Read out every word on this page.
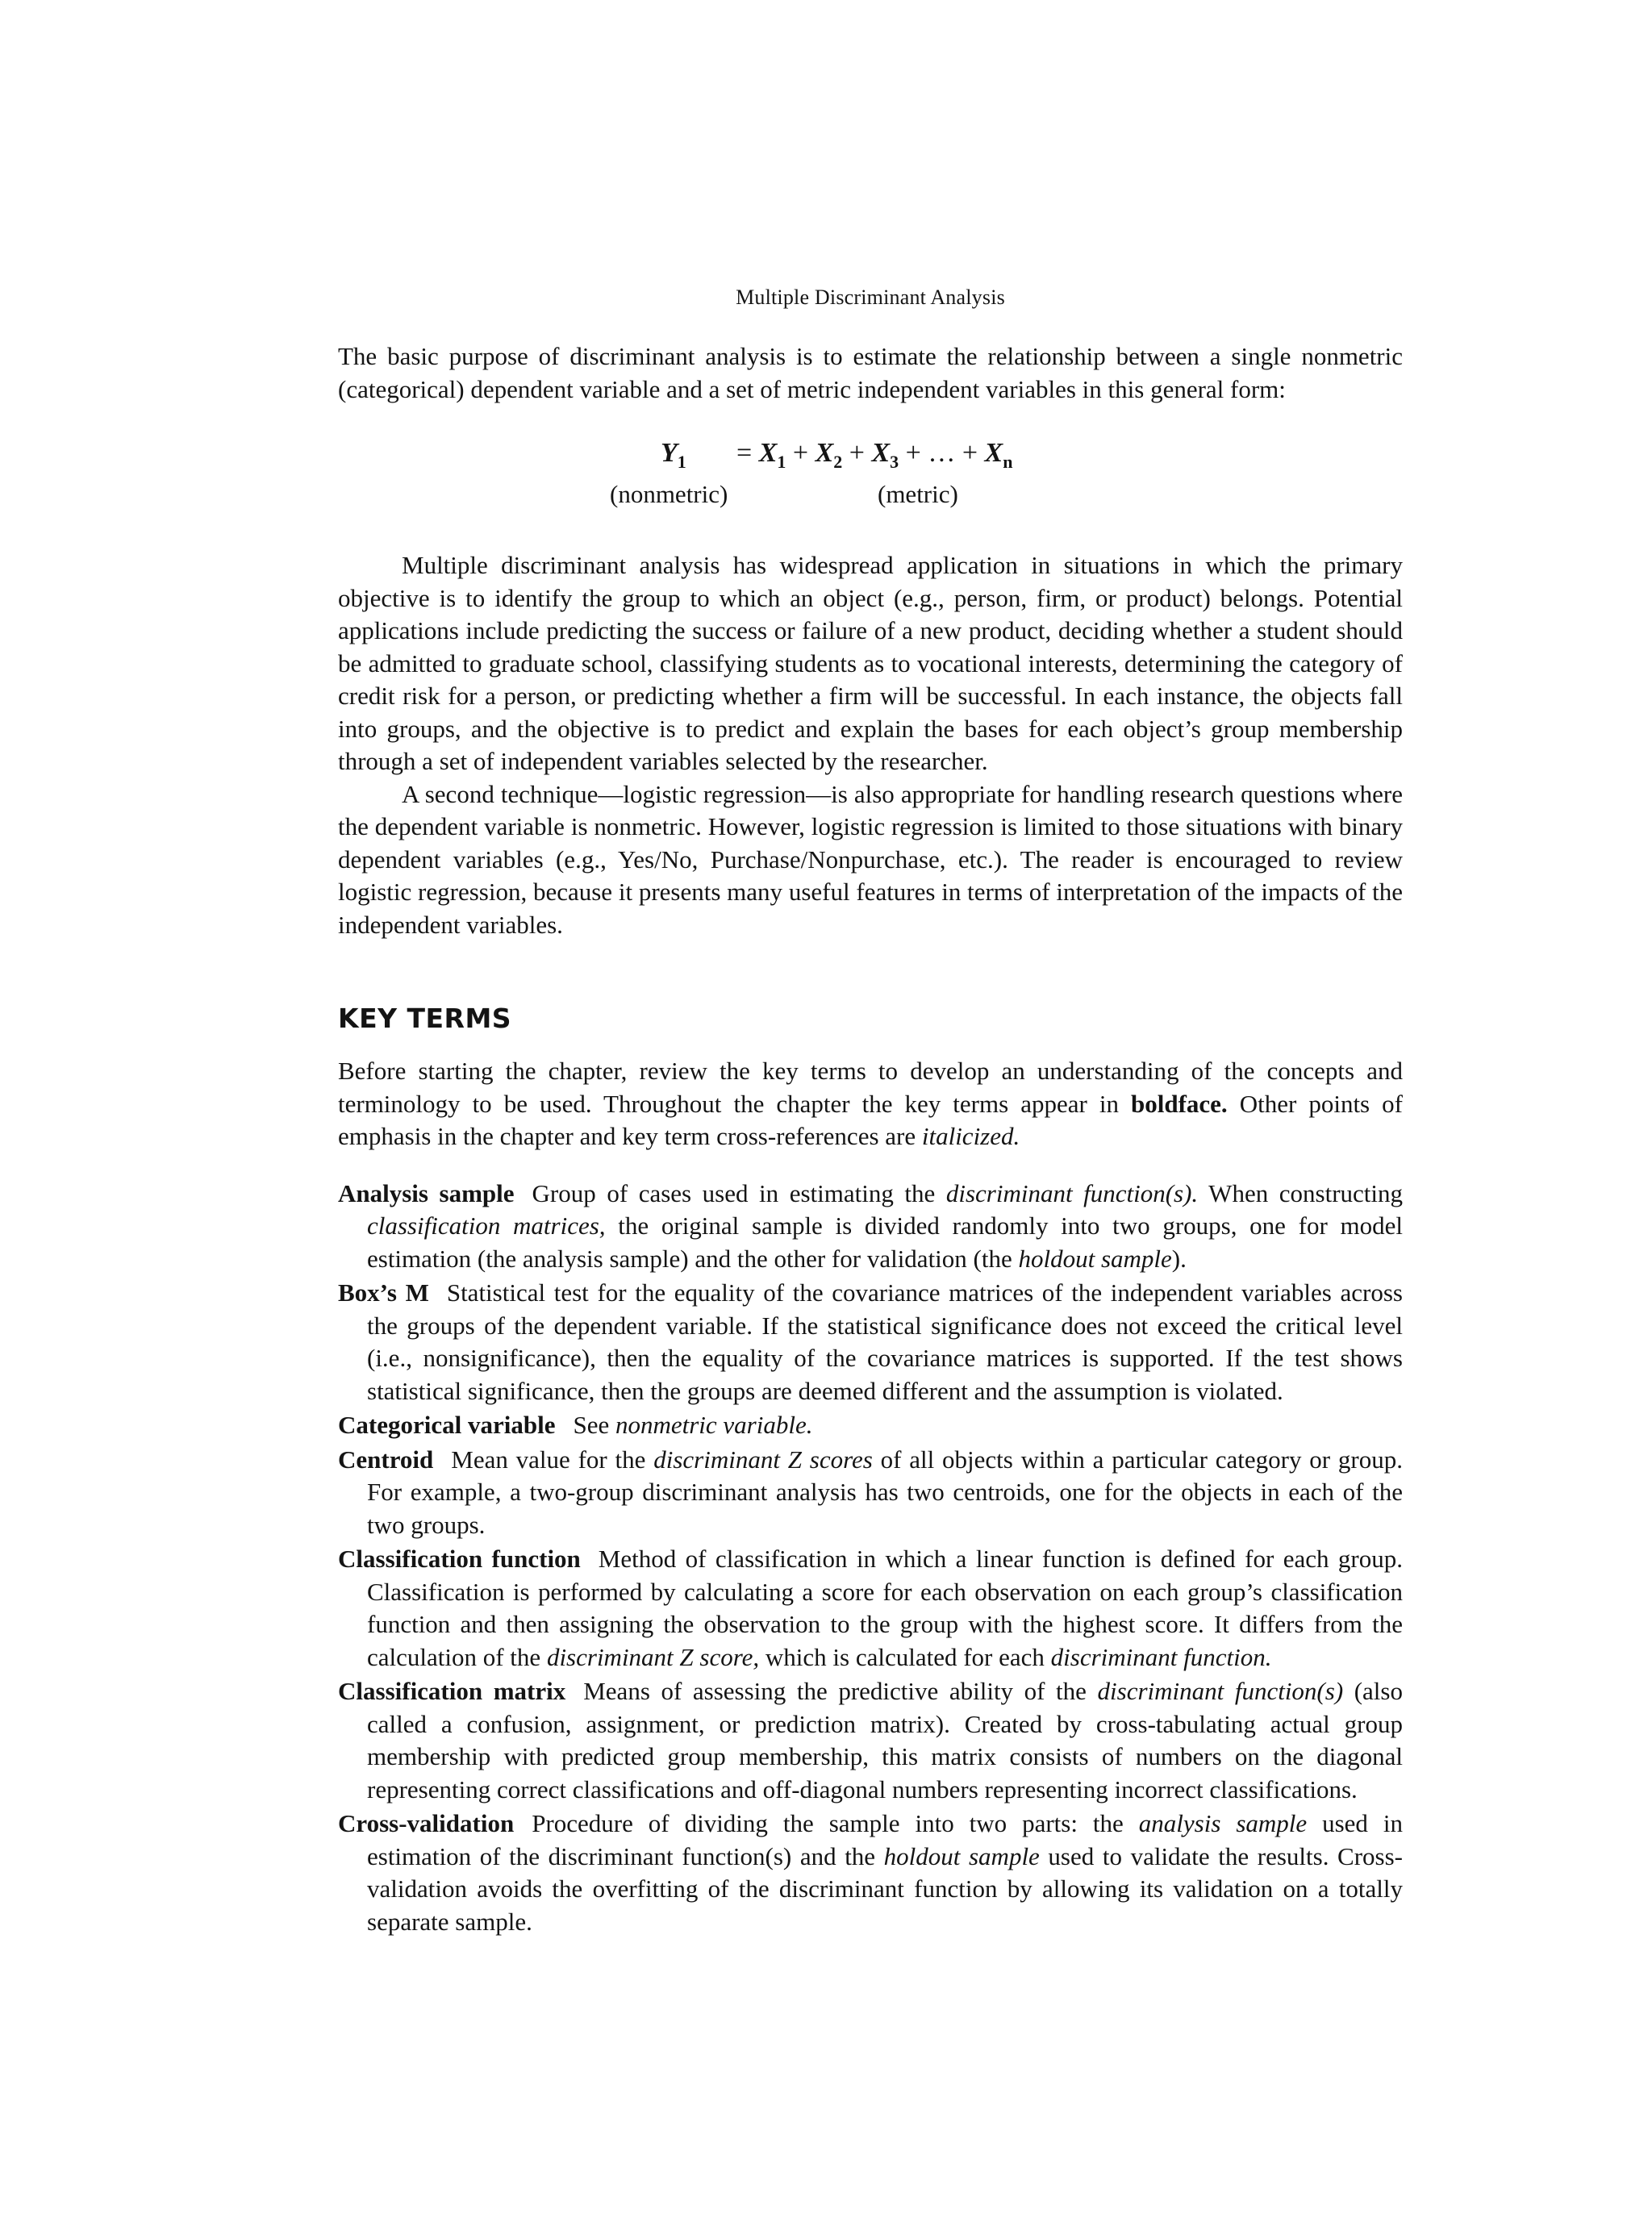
Multiple Discriminant Analysis

The basic purpose of discriminant analysis is to estimate the relationship between a single nonmetric (categorical) dependent variable and a set of metric independent variables in this general form:

$Y_1 = X_1 + X_2 + X_3$ + … + $X_n$
(nonmetric)	(metric)

Multiple discriminant analysis has widespread application in situations in which the primary objective is to identify the group to which an object (e.g., person, firm, or product) belongs. Potential applications include predicting the success or failure of a new product, deciding whether a student should be admitted to graduate school, classifying students as to vocational interests, determining the category of credit risk for a person, or predicting whether a firm will be successful. In each instance, the objects fall into groups, and the objective is to predict and explain the bases for each object’s group membership through a set of independent variables selected by the researcher.

A second technique—logistic regression—is also appropriate for handling research questions where the dependent variable is nonmetric. However, logistic regression is limited to those situations with binary dependent variables (e.g., Yes/No, Purchase/Nonpurchase, etc.). The reader is encouraged to review logistic regression, because it presents many useful features in terms of interpretation of the impacts of the independent variables.

KEY TERMS

Before starting the chapter, review the key terms to develop an understanding of the concepts and terminology to be used. Throughout the chapter the key terms appear in boldface. Other points of emphasis in the chapter and key term cross-references are italicized.

Analysis sample Group of cases used in estimating the discriminant function(s). When constructing classification matrices, the original sample is divided randomly into two groups, one for model estimation (the analysis sample) and the other for validation (the holdout sample).

Box’s M Statistical test for the equality of the covariance matrices of the independent variables across the groups of the dependent variable. If the statistical significance does not exceed the critical level (i.e., nonsignificance), then the equality of the covariance matrices is supported. If the test shows statistical significance, then the groups are deemed different and the assumption is violated.

Categorical variable See nonmetric variable.

Centroid Mean value for the discriminant Z scores of all objects within a particular category or group. For example, a two-group discriminant analysis has two centroids, one for the objects in each of the two groups.

Classification function Method of classification in which a linear function is defined for each group. Classification is performed by calculating a score for each observation on each group’s classification function and then assigning the observation to the group with the highest score. It differs from the calculation of the discriminant Z score, which is calculated for each discriminant function.

Classification matrix Means of assessing the predictive ability of the discriminant function(s) (also called a confusion, assignment, or prediction matrix). Created by cross-tabulating actual group membership with predicted group membership, this matrix consists of numbers on the diagonal representing correct classifications and off-diagonal numbers representing incorrect classifications.

Cross-validation Procedure of dividing the sample into two parts: the analysis sample used in estimation of the discriminant function(s) and the holdout sample used to validate the results. Cross-validation avoids the overfitting of the discriminant function by allowing its validation on a totally separate sample.
